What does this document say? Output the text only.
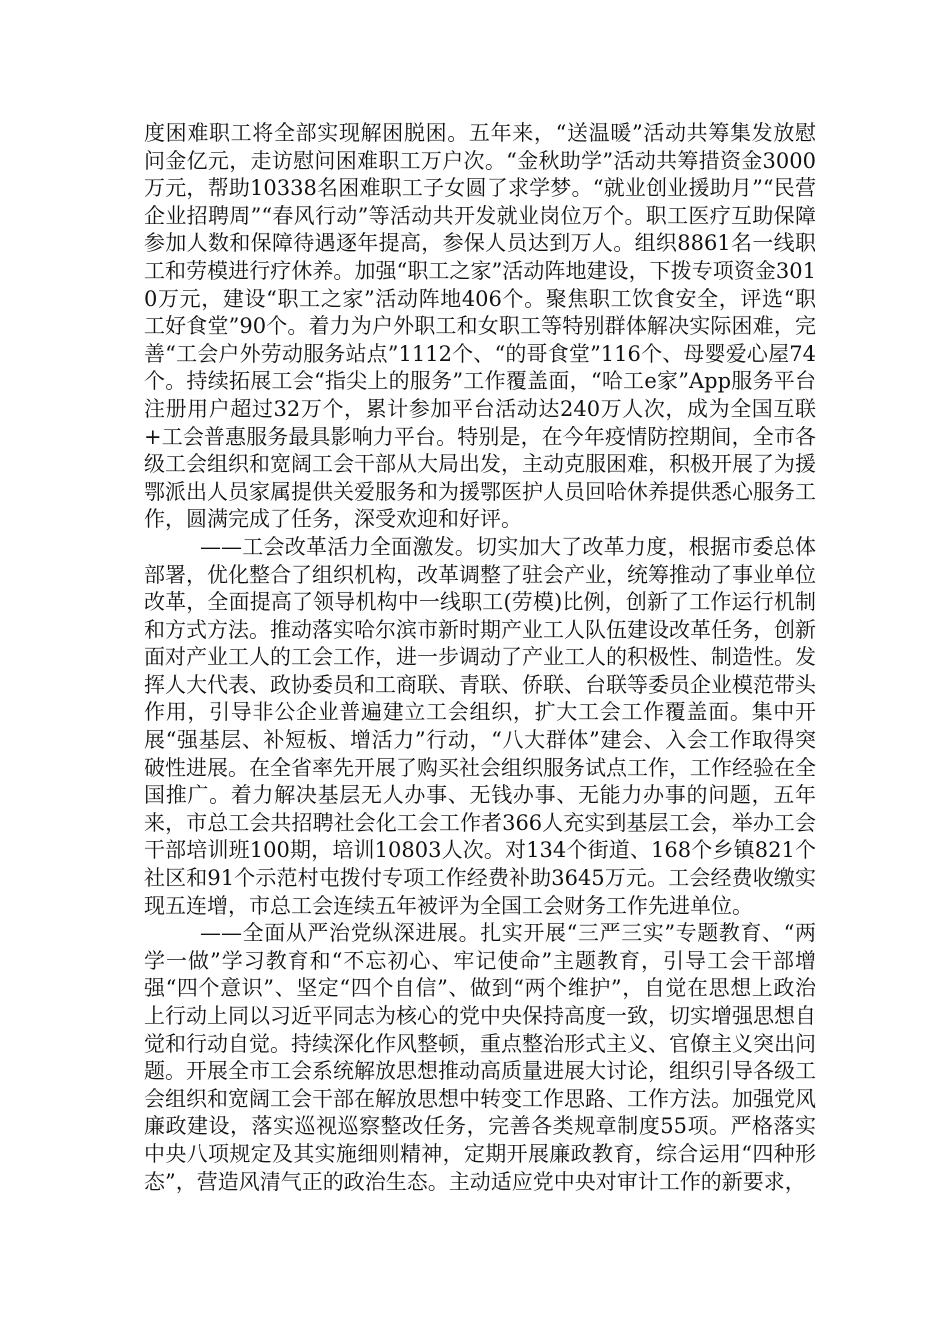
度困难职工将全部实现解困脱困。五年来，“送温暖”活动共筹集发放慰问金亿元，走访慰问困难职工万户次。“金秋助学”活动共筹措资金3000万元，帮助10338名困难职工子女圆了求学梦。“就业创业援助月”“民营企业招聘周”“春风行动”等活动共开发就业岗位万个。职工医疗互助保障参加人数和保障待遇逐年提高，参保人员达到万人。组织8861名一线职工和劳模进行疗休养。加强“职工之家”活动阵地建设，下拨专项资金3010万元，建设“职工之家”活动阵地406个。聚焦职工饮食安全，评选“职工好食堂”90个。着力为户外职工和女职工等特别群体解决实际困难，完善“工会户外劳动服务站点”1112个、“的哥食堂”116个、母婴爱心屋74个。持续拓展工会“指尖上的服务”工作覆盖面，“哈工e家”App服务平台注册用户超过32万个，累计参加平台活动达240万人次，成为全国互联+工会普惠服务最具影响力平台。特别是，在今年疫情防控期间，全市各级工会组织和宽阔工会干部从大局出发，主动克服困难，积极开展了为援鄂派出人员家属提供关爱服务和为援鄂医护人员回哈休养提供悉心服务工作，圆满完成了任务，深受欢迎和好评。

——工会改革活力全面激发。切实加大了改革力度，根据市委总体部署，优化整合了组织机构，改革调整了驻会产业，统筹推动了事业单位改革，全面提高了领导机构中一线职工(劳模)比例，创新了工作运行机制和方式方法。推动落实哈尔滨市新时期产业工人队伍建设改革任务，创新面对产业工人的工会工作，进一步调动了产业工人的积极性、制造性。发挥人大代表、政协委员和工商联、青联、侨联、台联等委员企业模范带头作用，引导非公企业普遍建立工会组织，扩大工会工作覆盖面。集中开展“强基层、补短板、增活力”行动，“八大群体”建会、入会工作取得突破性进展。在全省率先开展了购买社会组织服务试点工作，工作经验在全国推广。着力解决基层无人办事、无钱办事、无能力办事的问题，五年来，市总工会共招聘社会化工会工作者366人充实到基层工会，举办工会干部培训班100期，培训10803人次。对134个街道、168个乡镇821个社区和91个示范村屯拨付专项工作经费补助3645万元。工会经费收缴实现五连增，市总工会连续五年被评为全国工会财务工作先进单位。

——全面从严治党纵深进展。扎实开展“三严三实”专题教育、“两学一做”学习教育和“不忘初心、牢记使命”主题教育，引导工会干部增强“四个意识”、坚定“四个自信”、做到“两个维护”，自觉在思想上政治上行动上同以习近平同志为核心的党中央保持高度一致，切实增强思想自觉和行动自觉。持续深化作风整顿，重点整治形式主义、官僚主义突出问题。开展全市工会系统解放思想推动高质量进展大讨论，组织引导各级工会组织和宽阔工会干部在解放思想中转变工作思路、工作方法。加强党风廉政建设，落实巡视巡察整改任务，完善各类规章制度55项。严格落实中央八项规定及其实施细则精神，定期开展廉政教育，综合运用“四种形态”，营造风清气正的政治生态。主动适应党中央对审计工作的新要求，
